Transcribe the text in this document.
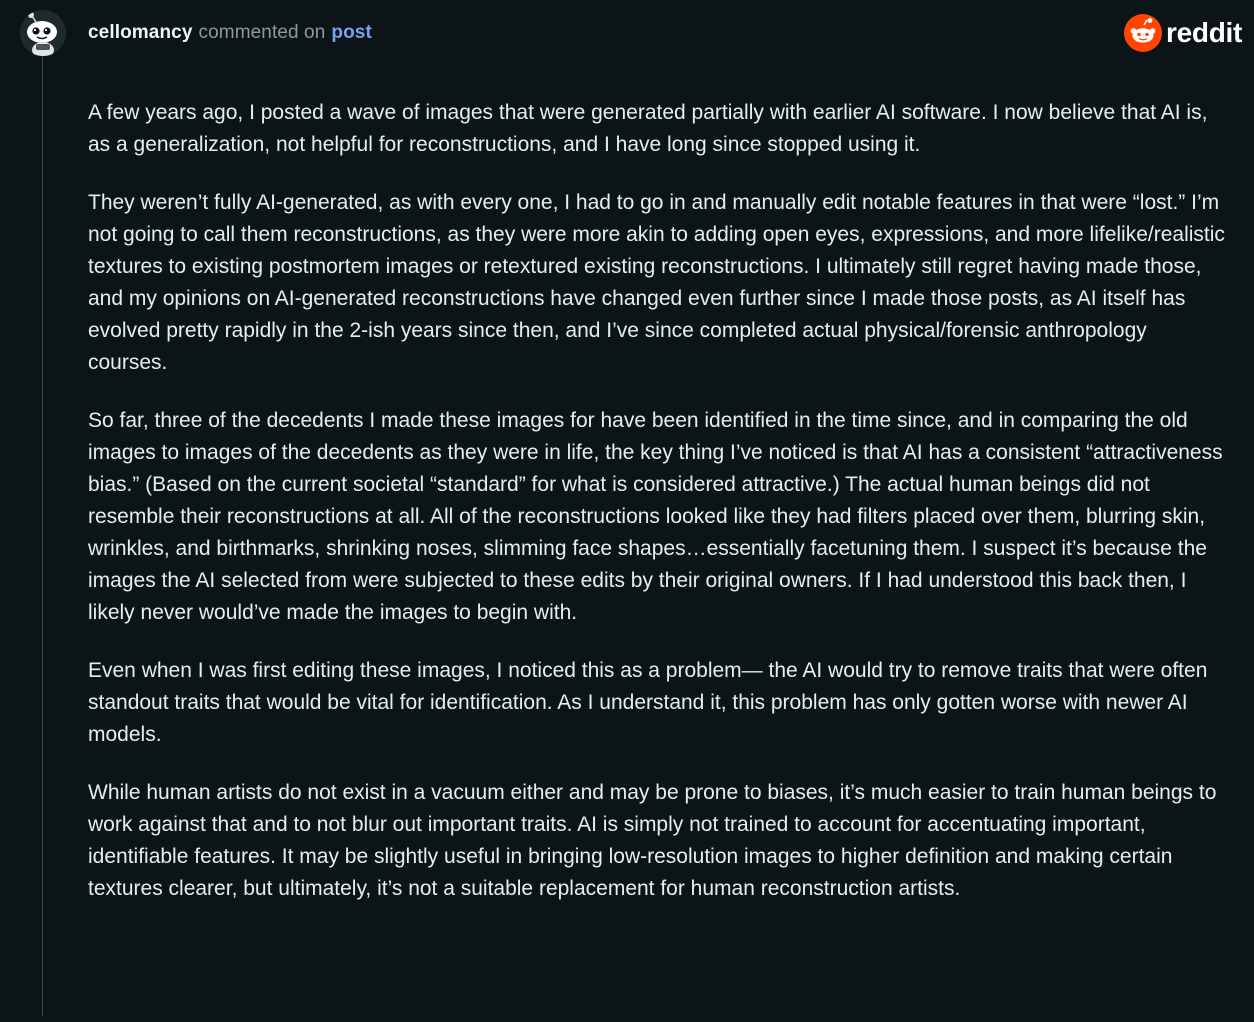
cellomancy commented on post	reddit

A few years ago, I posted a wave of images that were generated partially with earlier AI software. I now believe that AI is, as a generalization, not helpful for reconstructions, and I have long since stopped using it.

They weren’t fully AI-generated, as with every one, I had to go in and manually edit notable features in that were “lost.” I’m not going to call them reconstructions, as they were more akin to adding open eyes, expressions, and more lifelike/realistic textures to existing postmortem images or retextured existing reconstructions. I ultimately still regret having made those, and my opinions on AI-generated reconstructions have changed even further since I made those posts, as AI itself has evolved pretty rapidly in the 2-ish years since then, and I’ve since completed actual physical/forensic anthropology courses.

So far, three of the decedents I made these images for have been identified in the time since, and in comparing the old images to images of the decedents as they were in life, the key thing I’ve noticed is that AI has a consistent “attractiveness bias.” (Based on the current societal “standard” for what is considered attractive.) The actual human beings did not resemble their reconstructions at all. All of the reconstructions looked like they had filters placed over them, blurring skin, wrinkles, and birthmarks, shrinking noses, slimming face shapes…essentially facetuning them. I suspect it’s because the images the AI selected from were subjected to these edits by their original owners. If I had understood this back then, I likely never would’ve made the images to begin with.

Even when I was first editing these images, I noticed this as a problem— the AI would try to remove traits that were often standout traits that would be vital for identification. As I understand it, this problem has only gotten worse with newer AI models.

While human artists do not exist in a vacuum either and may be prone to biases, it’s much easier to train human beings to work against that and to not blur out important traits. AI is simply not trained to account for accentuating important, identifiable features. It may be slightly useful in bringing low-resolution images to higher definition and making certain textures clearer, but ultimately, it’s not a suitable replacement for human reconstruction artists.
